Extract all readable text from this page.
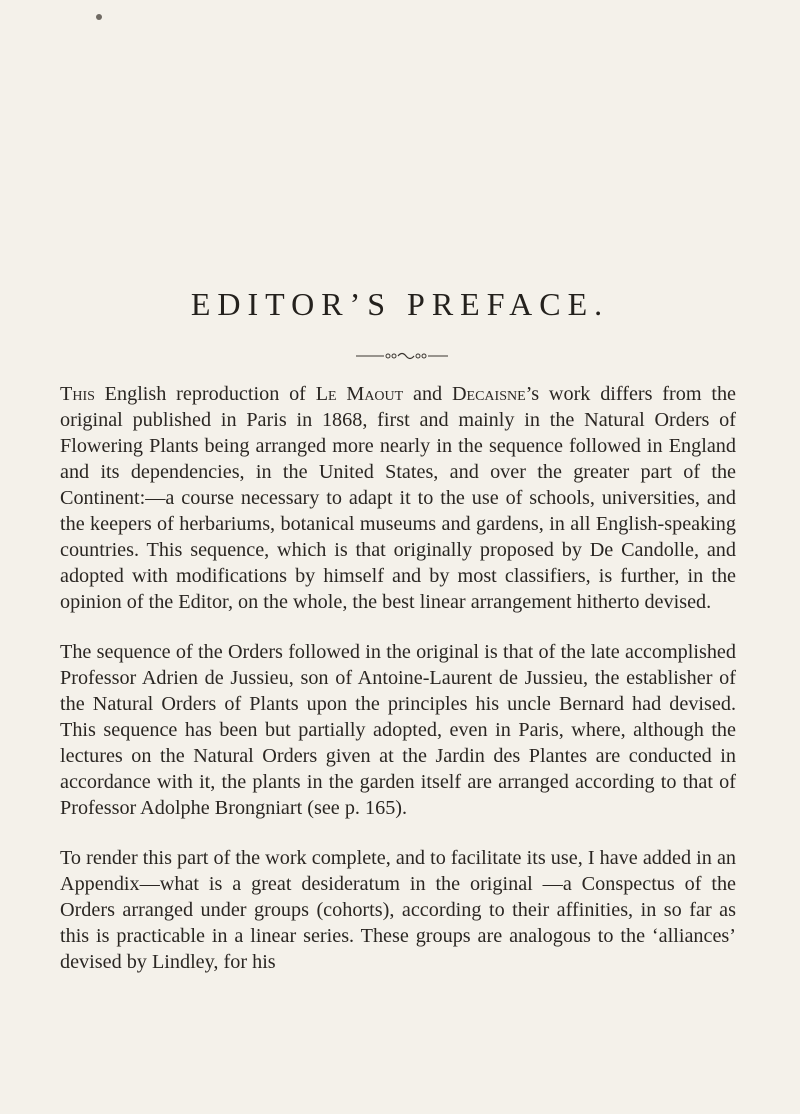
EDITOR’S PREFACE.

This English reproduction of Le Maout and Decaisne’s work differs from the original published in Paris in 1868, first and mainly in the Natural Orders of Flowering Plants being arranged more nearly in the sequence followed in England and its dependencies, in the United States, and over the greater part of the Continent:—a course necessary to adapt it to the use of schools, universities, and the keepers of herbariums, botanical museums and gardens, in all English-speaking countries. This sequence, which is that originally proposed by De Candolle, and adopted with modifications by himself and by most classifiers, is further, in the opinion of the Editor, on the whole, the best linear arrangement hitherto devised.

The sequence of the Orders followed in the original is that of the late accomplished Professor Adrien de Jussieu, son of Antoine-Laurent de Jussieu, the establisher of the Natural Orders of Plants upon the principles his uncle Bernard had devised. This sequence has been but partially adopted, even in Paris, where, although the lectures on the Natural Orders given at the Jardin des Plantes are conducted in accordance with it, the plants in the garden itself are arranged according to that of Professor Adolphe Brongniart (see p. 165).

To render this part of the work complete, and to facilitate its use, I have added in an Appendix—what is a great desideratum in the original —a Conspectus of the Orders arranged under groups (cohorts), according to their affinities, in so far as this is practicable in a linear series. These groups are analogous to the ‘alliances’ devised by Lindley, for his
